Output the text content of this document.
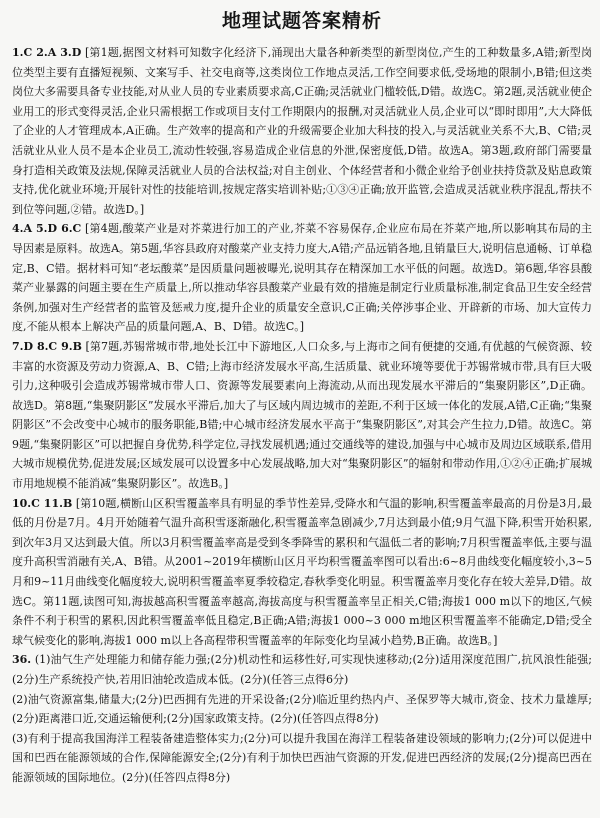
地理试题答案精析

1.C 2.A 3.D [第1题,据图文材料可知数字化经济下,涌现出大量各种新类型的新型岗位,产生的工种数量多,A错;新型岗位类型主要有直播短视频、文案写手、社交电商等,这类岗位工作地点灵活,工作空间要求低,受场地的限制小,B错;但这类岗位大多需要具备专业技能,对从业人员的专业素质要求高,C正确;灵活就业门槛较低,D错。故选C。第2题,灵活就业使企业用工的形式变得灵活,企业只需根据工作或项目支付工作期限内的报酬,对灵活就业人员,企业可以“即时即用”,大大降低了企业的人才管理成本,A正确。生产效率的提高和产业的升级需要企业加大科技的投入,与灵活就业关系不大,B、C错;灵活就业从业人员不是本企业员工,流动性较强,容易造成企业信息的外泄,保密度低,D错。故选A。第3题,政府部门需要量身打造相关政策及法规,保障灵活就业人员的合法权益;对自主创业、个体经营者和小微企业给予创业扶持贷款及贴息政策支持,优化就业环境;开展针对性的技能培训,按规定落实培训补贴;①③④正确;放开监管,会造成灵活就业秩序混乱,帮扶不到位等问题,②错。故选D。]

4.A 5.D 6.C [第4题,酸菜产业是对芥菜进行加工的产业,芥菜不容易保存,企业应布局在芥菜产地,所以影响其布局的主导因素是原料。故选A。第5题,华容县政府对酸菜产业支持力度大,A错;产品远销各地,且销量巨大,说明信息通畅、订单稳定,B、C错。据材料可知“老坛酸菜”是因质量问题被曝光,说明其存在精深加工水平低的问题。故选D。第6题,华容县酸菜产业暴露的问题主要在生产质量上,所以推动华容县酸菜产业最有效的措施是制定行业质量标准,制定食品卫生安全经营条例,加强对生产经营者的监管及惩戒力度,提升企业的质量安全意识,C正确;关停涉事企业、开辟新的市场、加大宣传力度,不能从根本上解决产品的质量问题,A、B、D错。故选C。]

7.D 8.C 9.B [第7题,苏锡常城市带,地处长江中下游地区,人口众多,与上海市之间有便捷的交通,有优越的气候资源、较丰富的水资源及劳动力资源,A、B、C错;上海市经济发展水平高,生活质量、就业环境等要优于苏锡常城市带,具有巨大吸引力,这种吸引会造成苏锡常城市带人口、资源等发展要素向上海流动,从而出现发展水平滞后的“集聚阴影区”,D正确。故选D。第8题,“集聚阴影区”发展水平滞后,加大了与区域内周边城市的差距,不利于区域一体化的发展,A错,C正确;“集聚阴影区”不会改变中心城市的服务职能,B错;中心城市经济发展水平高于“集聚阴影区”,对其会产生拉力,D错。故选C。第9题,“集聚阴影区”可以把握自身优势,科学定位,寻找发展机遇;通过交通线等的建设,加强与中心城市及周边区域联系,借用大城市规模优势,促进发展;区域发展可以设置多中心发展战略,加大对“集聚阴影区”的辐射和带动作用,①②④正确;扩展城市用地规模不能消减“集聚阴影区”。故选B。]

10.C 11.B [第10题,横断山区积雪覆盖率具有明显的季节性差异,受降水和气温的影响,积雪覆盖率最高的月份是3月,最低的月份是7月。4月开始随着气温升高积雪逐渐融化,积雪覆盖率急剧减少,7月达到最小值;9月气温下降,积雪开始积累,到次年3月又达到最大值。所以3月积雪覆盖率高是受到冬季降雪的累积和气温低二者的影响;7月积雪覆盖率低,主要与温度升高积雪消融有关,A、B错。从2001~2019年横断山区月平均积雪覆盖率图可以看出:6~8月曲线变化幅度较小,3~5月和9~11月曲线变化幅度较大,说明积雪覆盖率夏季较稳定,春秋季变化明显。积雪覆盖率月变化存在较大差异,D错。故选C。第11题,读图可知,海拔越高积雪覆盖率越高,海拔高度与积雪覆盖率呈正相关,C错;海拔1 000 m以下的地区,气候条件不利于积雪的累积,因此积雪覆盖率低且稳定,B正确;A错;海拔1 000~3 000 m地区积雪覆盖率不能确定,D错;受全球气候变化的影响,海拔1 000 m以上各高程带积雪覆盖率的年际变化均呈减小趋势,B正确。故选B。]

36. (1)油气生产处理能力和储存能力强;(2分)机动性和运移性好,可实现快速移动;(2分)适用深度范围广,抗风浪性能强;(2分)生产系统投产快,若用旧油轮改造成本低。(2分)(任答三点得6分)

(2)油气资源富集,储量大;(2分)巴西拥有先进的开采设备;(2分)临近里约热内卢、圣保罗等大城市,资金、技术力量雄厚;(2分)距离港口近,交通运输便利;(2分)国家政策支持。(2分)(任答四点得8分)

(3)有利于提高我国海洋工程装备建造整体实力;(2分)可以提升我国在海洋工程装备建设领域的影响力;(2分)可以促进中国和巴西在能源领域的合作,保障能源安全;(2分)有利于加快巴西油气资源的开发,促进巴西经济的发展;(2分)提高巴西在能源领域的国际地位。(2分)(任答四点得8分)
